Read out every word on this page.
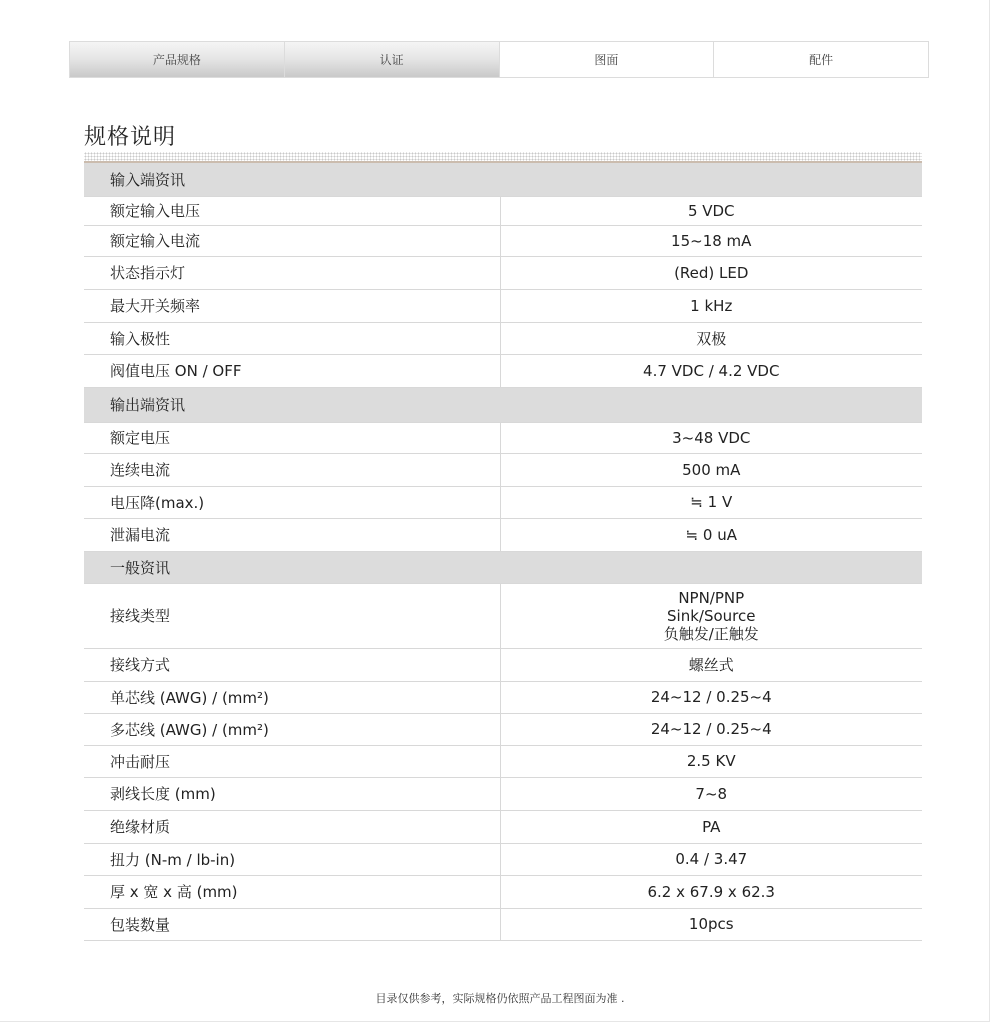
产品规格	认证	图面	配件
规格说明
输入端资讯	
额定输入电压	5 VDC
额定输入电流	15~18 mA
状态指示灯	(Red) LED
最大开关频率	1 kHz
输入极性	双极
阀值电压 ON / OFF	4.7 VDC / 4.2 VDC
输出端资讯	
额定电压	3~48 VDC
连续电流	500 mA
电压降(max.)	≒ 1 V
泄漏电流	≒ 0 uA
一般资讯	
接线类型	NPN/PNP
Sink/Source
负触发/正触发

接线方式	螺丝式
单芯线 (AWG) / (mm²)	24~12 / 0.25~4
多芯线 (AWG) / (mm²)	24~12 / 0.25~4
冲击耐压	2.5 KV
剥线长度 (mm)	7~8
绝缘材质	PA
扭力 (N-m / lb-in)	0.4 / 3.47
厚 x 宽 x 高 (mm)	6.2 x 67.9 x 62.3
包装数量	10pcs
目录仅供参考，实际规格仍依照产品工程图面为准 .
